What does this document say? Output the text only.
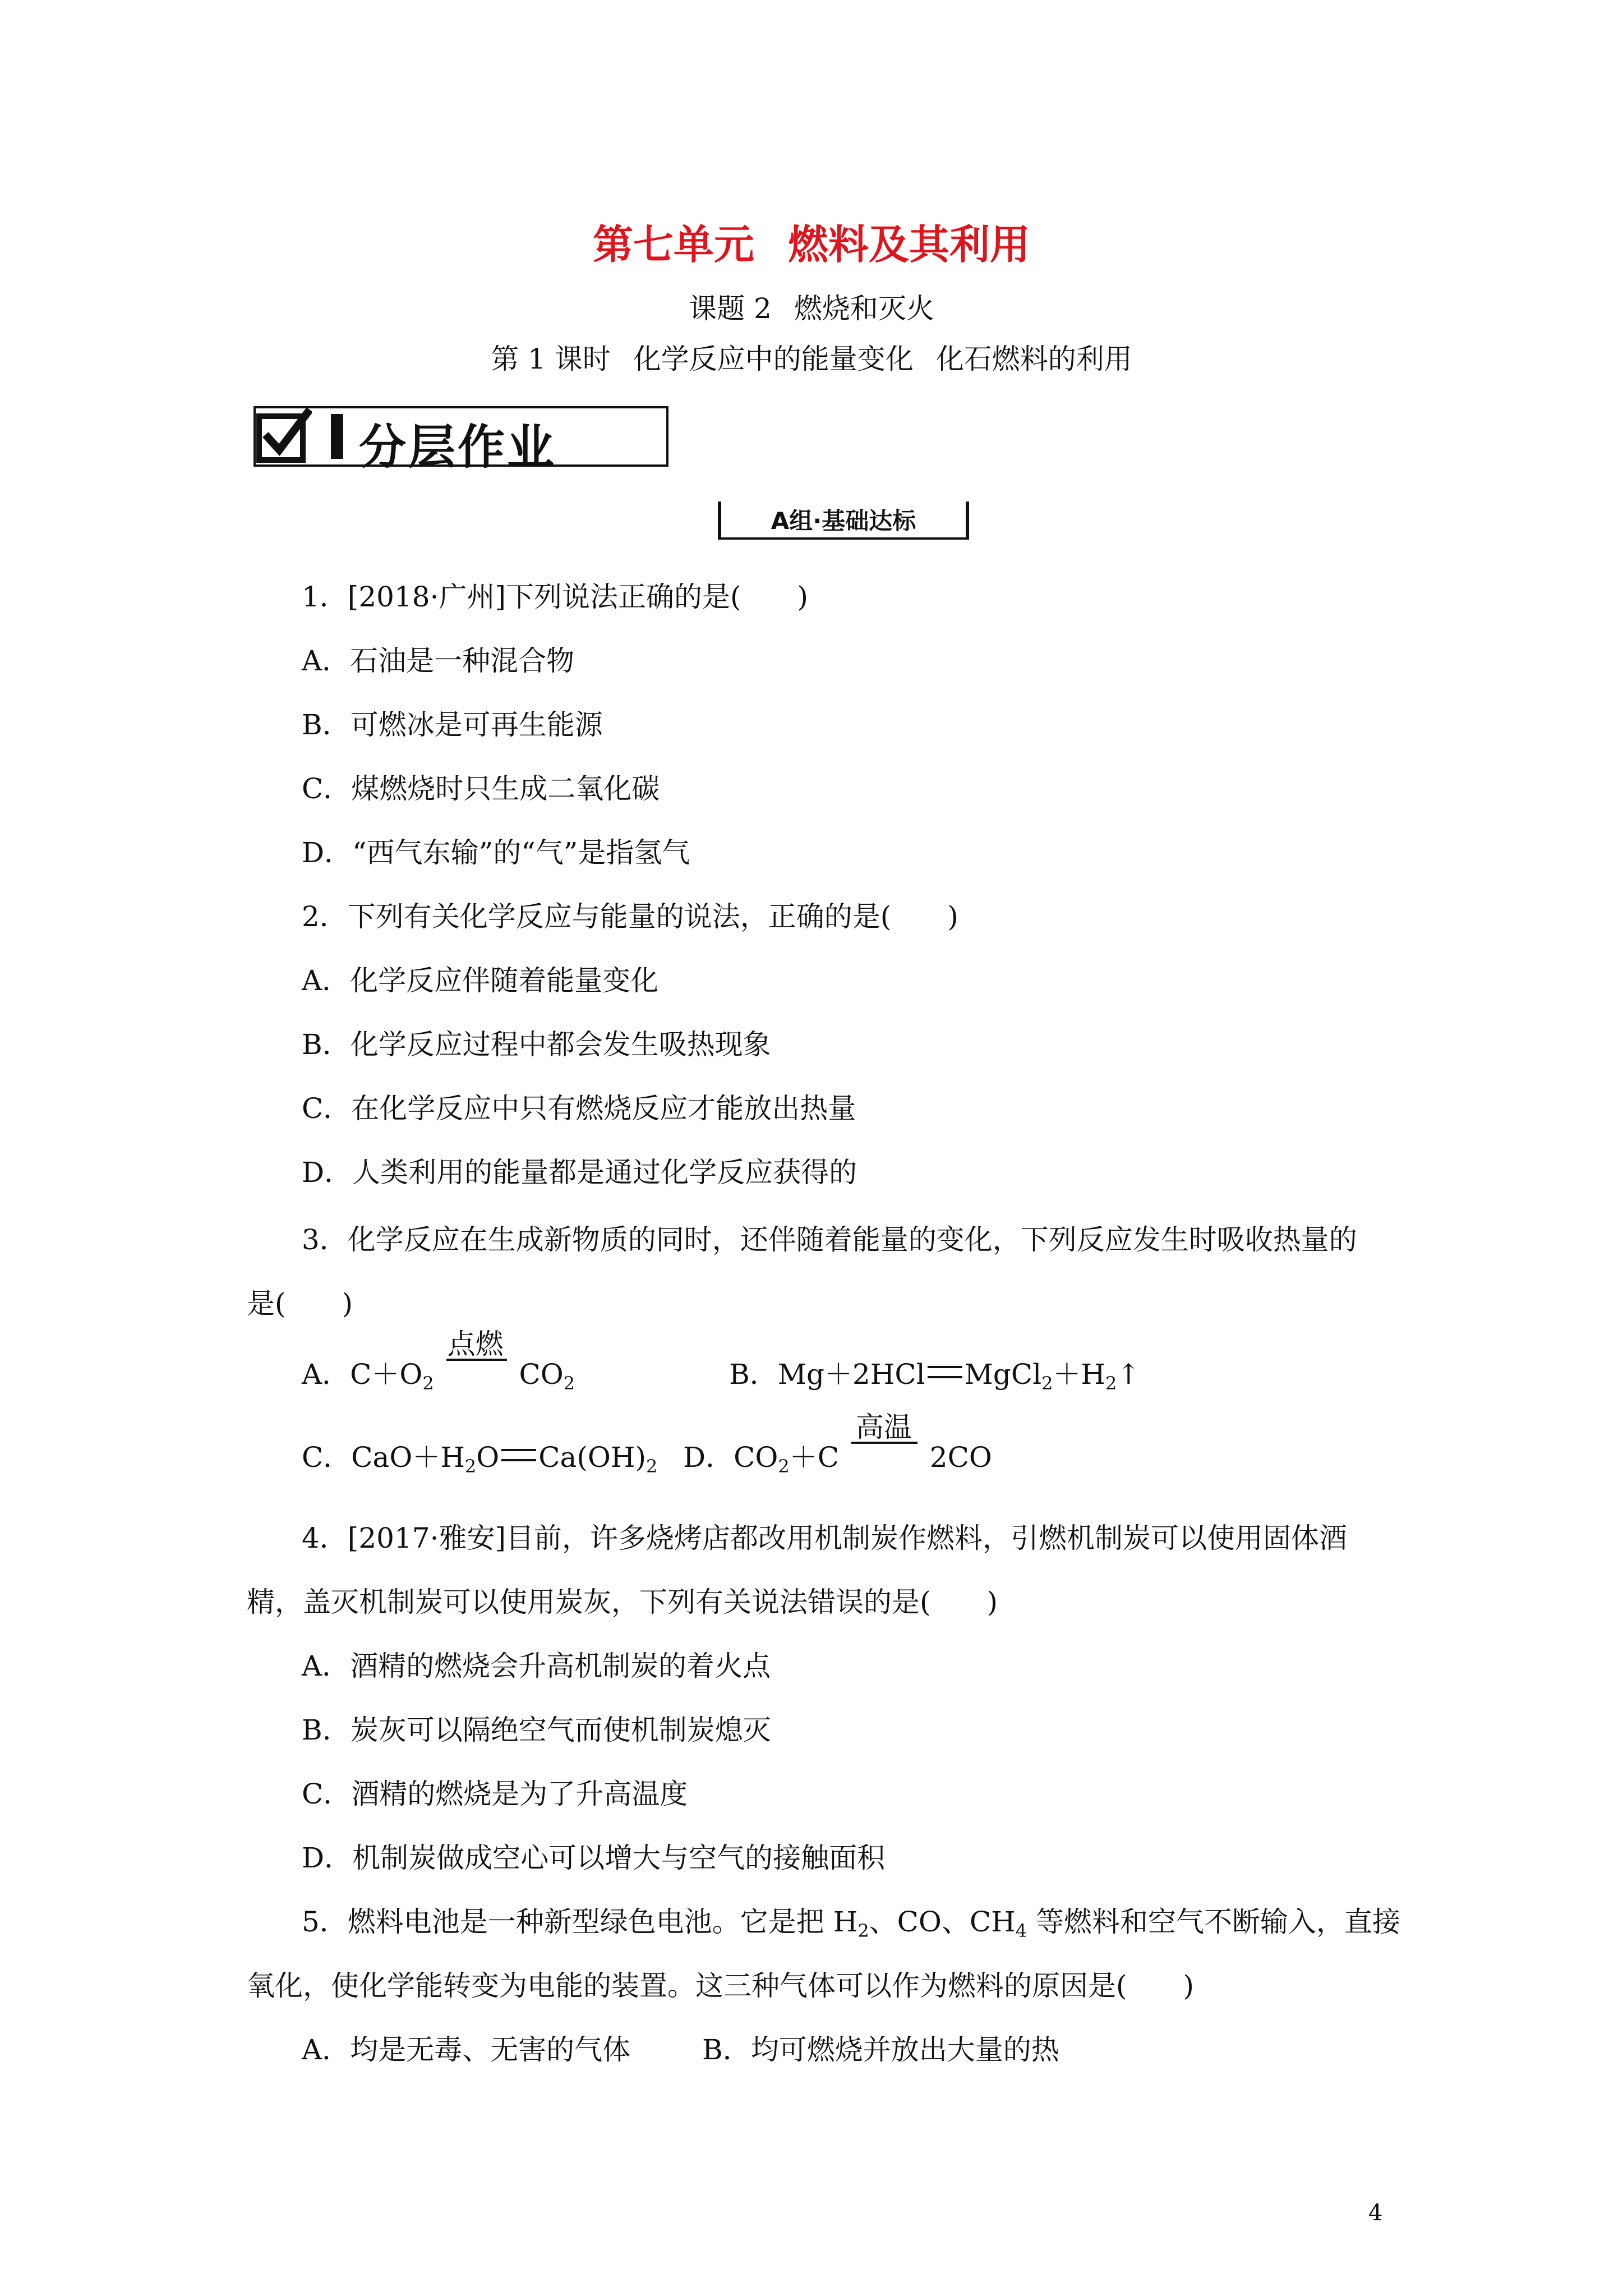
第七单元 燃料及其利用
课题 2 燃烧和灭火
第 1 课时 化学反应中的能量变化 化石燃料的利用
分层作业
A组·基础达标
1．[2018·广州]下列说法正确的是(　　)
A．石油是一种混合物
B．可燃冰是可再生能源
C．煤燃烧时只生成二氧化碳
D．“西气东输”的“气”是指氢气
2．下列有关化学反应与能量的说法，正确的是(　　)
A．化学反应伴随着能量变化
B．化学反应过程中都会发生吸热现象
C．在化学反应中只有燃烧反应才能放出热量
D．人类利用的能量都是通过化学反应获得的
3．化学反应在生成新物质的同时，还伴随着能量的变化，下列反应发生时吸收热量的
是(　　)
A．$C+O_2$
点燃
$CO_2$	B．Mg＋2HCl $MgCl_2+H_2↑$
C．$CaO+H_2O$ $Ca(OH)_2$ D．$CO_2+C$
高温
2CO
4．[2017·雅安]目前，许多烧烤店都改用机制炭作燃料，引燃机制炭可以使用固体酒
精，盖灭机制炭可以使用炭灰，下列有关说法错误的是(　　)
A．酒精的燃烧会升高机制炭的着火点
B．炭灰可以隔绝空气而使机制炭熄灭
C．酒精的燃烧是为了升高温度
D．机制炭做成空心可以增大与空气的接触面积
5．燃料电池是一种新型绿色电池。它是把 $H_2$、CO、$CH_4$ 等燃料和空气不断输入，直接
氧化，使化学能转变为电能的装置。这三种气体可以作为燃料的原因是(　　)
A．均是无毒、无害的气体	B．均可燃烧并放出大量的热
4
